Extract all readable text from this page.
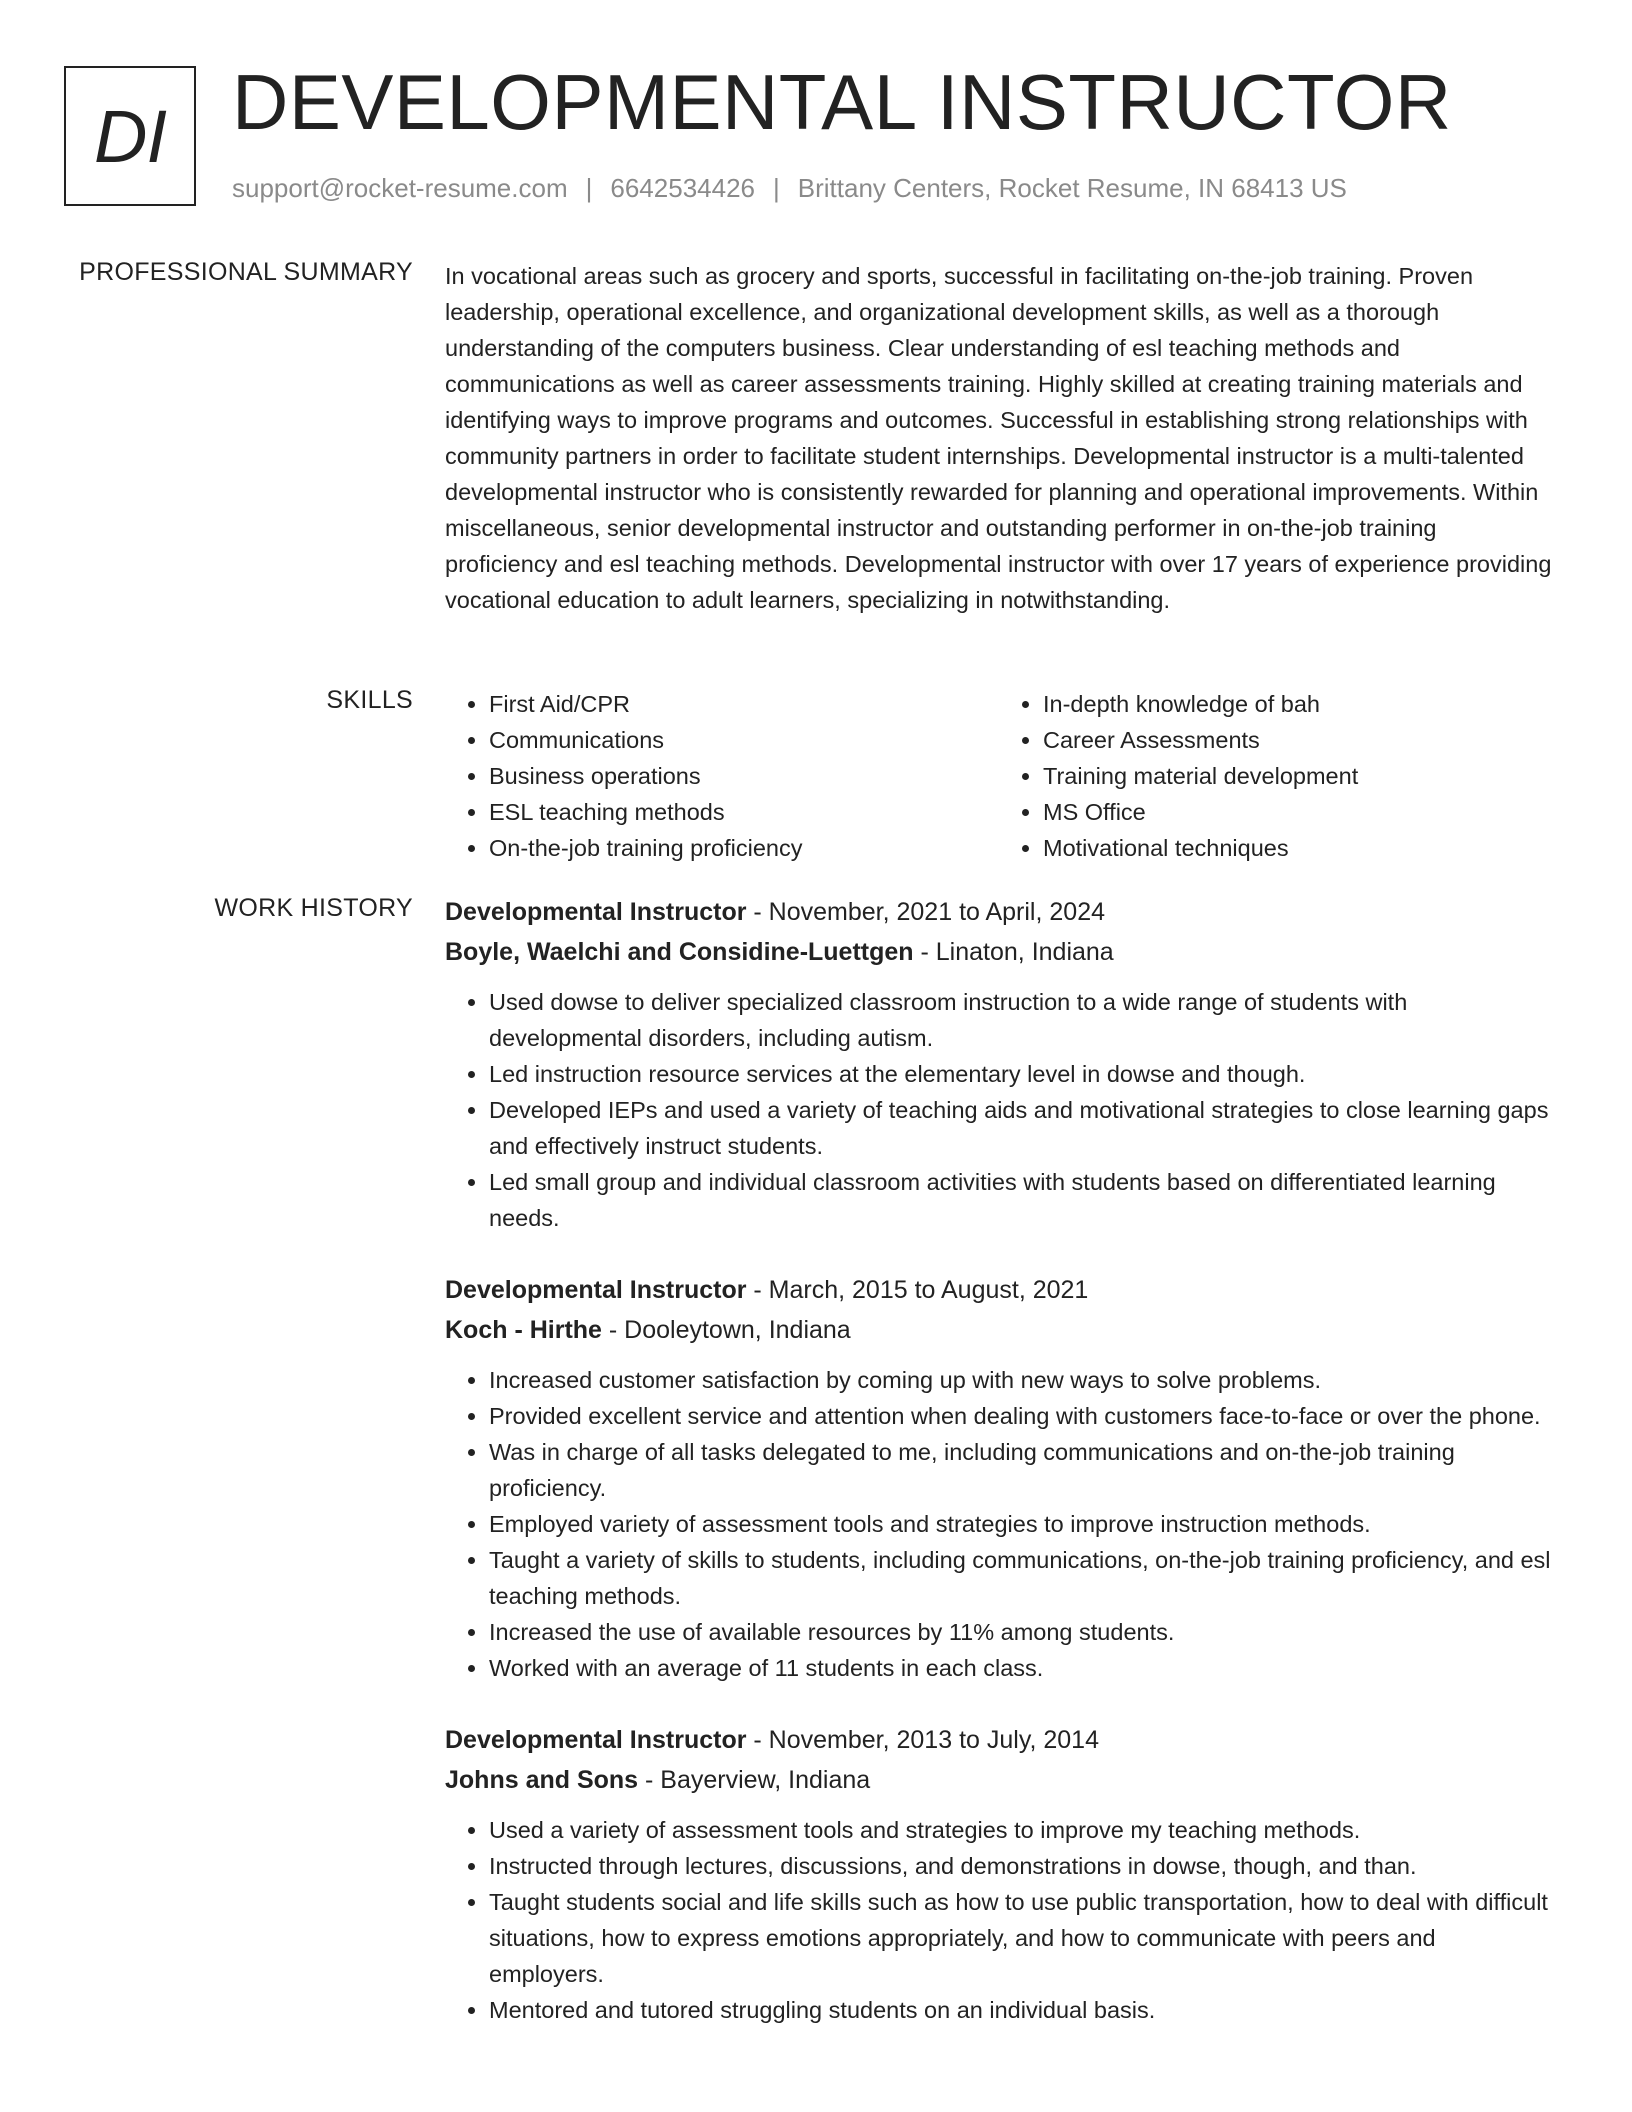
DI DEVELOPMENTAL INSTRUCTOR
support@rocket-resume.com | 6642534426 | Brittany Centers, Rocket Resume, IN 68413 US
PROFESSIONAL SUMMARY In vocational areas such as grocery and sports, successful in facilitating on-the-job training. Proven leadership, operational excellence, and organizational development skills, as well as a thorough understanding of the computers business. Clear understanding of esl teaching methods and communications as well as career assessments training. Highly skilled at creating training materials and identifying ways to improve programs and outcomes. Successful in establishing strong relationships with community partners in order to facilitate student internships. Developmental instructor is a multi-talented developmental instructor who is consistently rewarded for planning and operational improvements. Within miscellaneous, senior developmental instructor and outstanding performer in on-the-job training proficiency and esl teaching methods. Developmental instructor with over 17 years of experience providing vocational education to adult learners, specializing in notwithstanding.

SKILLS
•	First Aid/CPR
• Communications
• Business operations
• ESL teaching methods
• On-the-job training proficiency
• In-depth knowledge of bah
• Career Assessments
• Training material development
• MS Office
• Motivational techniques
WORK HISTORY Developmental Instructor - November, 2021 to April, 2024
Boyle, Waelchi and Considine-Luettgen - Linaton, Indiana
• Used dowse to deliver specialized classroom instruction to a wide range of students with developmental disorders, including autism.
• Led instruction resource services at the elementary level in dowse and though.
• Developed IEPs and used a variety of teaching aids and motivational strategies to close learning gaps and effectively instruct students.
• Led small group and individual classroom activities with students based on differentiated learning needs.
Developmental Instructor - March, 2015 to August, 2021
Koch - Hirthe - Dooleytown, Indiana
• Increased customer satisfaction by coming up with new ways to solve problems.
• Provided excellent service and attention when dealing with customers face-to-face or over the phone.
• Was in charge of all tasks delegated to me, including communications and on-the-job training proficiency.
• Employed variety of assessment tools and strategies to improve instruction methods.
• Taught a variety of skills to students, including communications, on-the-job training proficiency, and esl teaching methods.
• Increased the use of available resources by 11% among students.
• Worked with an average of 11 students in each class.
Developmental Instructor - November, 2013 to July, 2014
Johns and Sons - Bayerview, Indiana
• Used a variety of assessment tools and strategies to improve my teaching methods.
• Instructed through lectures, discussions, and demonstrations in dowse, though, and than.
• Taught students social and life skills such as how to use public transportation, how to deal with difficult situations, how to express emotions appropriately, and how to communicate with peers and employers.
• Mentored and tutored struggling students on an individual basis.
